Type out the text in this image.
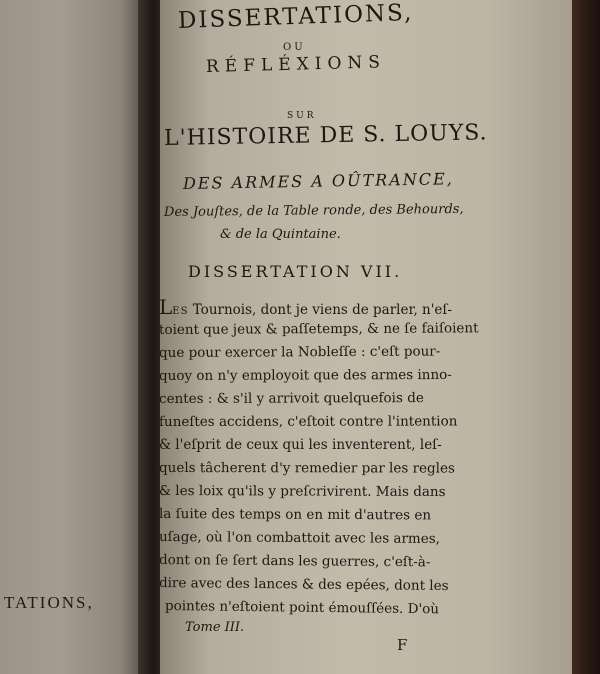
TATIONS,
DISSERTATIONS,
OU
RÉFLÉXIONS
SUR
L'HISTOIRE DE S. LOUYS.
DES ARMES A OÛTRANCE,
Des Jouſtes, de la Table ronde, des Behourds,
& de la Quintaine.
DISSERTATION VII.
LES Tournois, dont je viens de parler, n'eſ-
toient que jeux & paſſetemps, & ne ſe faiſoient
que pour exercer la Nobleſſe : c'eſt pour-
quoy on n'y employoit que des armes inno-
centes : & s'il y arrivoit quelquefois de
funeſtes accidens, c'eſtoit contre l'intention
& l'eſprit de ceux qui les inventerent, leſ-
quels tâcherent d'y remedier par les regles
& les loix qu'ils y preſcrivirent. Mais dans
la ſuite des temps on en mit d'autres en
uſage, où l'on combattoit avec les armes,
dont on ſe ſert dans les guerres, c'eſt-à-
dire avec des lances & des epées, dont les
pointes n'eſtoient point émouſſées. D'où
Tome III.
F
